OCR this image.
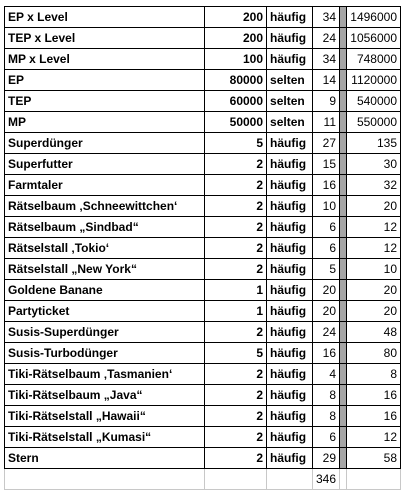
EP x Level	200	häufig	34		1496000
TEP x Level	200	häufig	24		1056000
MP x Level	100	häufig	34		748000
EP	80000	selten	14		1120000
TEP	60000	selten	9		540000
MP	50000	selten	11		550000
Superdünger	5	häufig	27		135
Superfutter	2	häufig	15		30
Farmtaler	2	häufig	16		32
Rätselbaum ‚Schneewittchen‘	2	häufig	10		20
Rätselbaum „Sindbad“	2	häufig	6		12
Rätselstall ‚Tokio‘	2	häufig	6		12
Rätselstall „New York“	2	häufig	5		10
Goldene Banane	1	häufig	20		20
Partyticket	1	häufig	20		20
Susis-Superdünger	2	häufig	24		48
Susis-Turbodünger	5	häufig	16		80
Tiki-Rätselbaum ‚Tasmanien‘	2	häufig	4		8
Tiki-Rätselbaum „Java“	2	häufig	8		16
Tiki-Rätselstall „Hawaii“	2	häufig	8		16
Tiki-Rätselstall „Kumasi“	2	häufig	6		12
Stern	2	häufig	29		58
			346		
